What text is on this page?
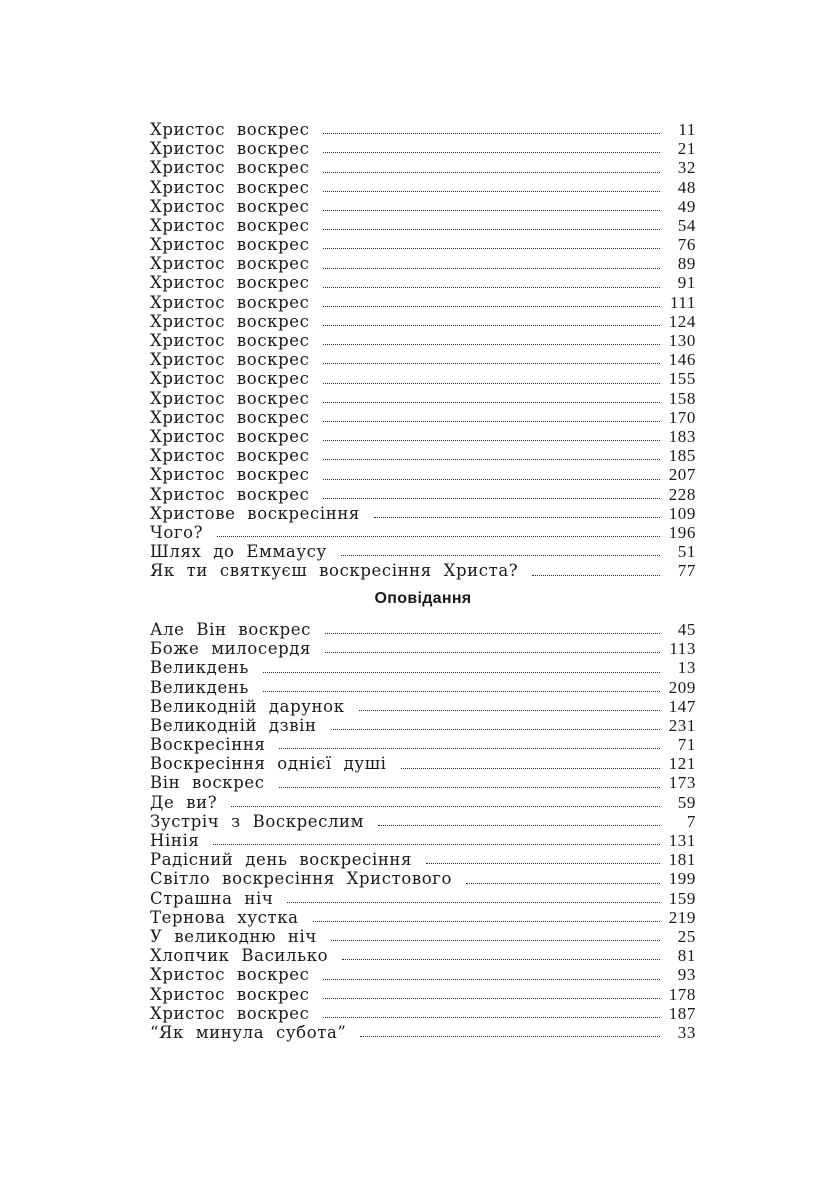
Христос воскрес	11
Христос воскрес	21
Христос воскрес	32
Христос воскрес	48
Христос воскрес	49
Христос воскрес	54
Христос воскрес	76
Христос воскрес	89
Христос воскрес	91
Христос воскрес	111
Христос воскрес	124
Христос воскрес	130
Христос воскрес	146
Христос воскрес	155
Христос воскрес	158
Христос воскрес	170
Христос воскрес	183
Христос воскрес	185
Христос воскрес	207
Христос воскрес	228
Христове воскресіння	109
Чого?	196
Шлях до Еммаусу	51
Як ти святкуєш воскресіння Христа?	77
Оповідання
Але Він воскрес	45
Боже милосердя	113
Великдень	13
Великдень	209
Великодній дарунок	147
Великодній дзвін	231
Воскресіння	71
Воскресіння однієї душі	121
Він воскрес	173
Де ви?	59
Зустріч з Воскреслим	7
Нінія	131
Радісний день воскресіння	181
Світло воскресіння Христового	199
Страшна ніч	159
Тернова хустка	219
У великодню ніч	25
Хлопчик Василько	81
Христос воскрес	93
Христос воскрес	178
Христос воскрес	187
“Як минула субота”	33
